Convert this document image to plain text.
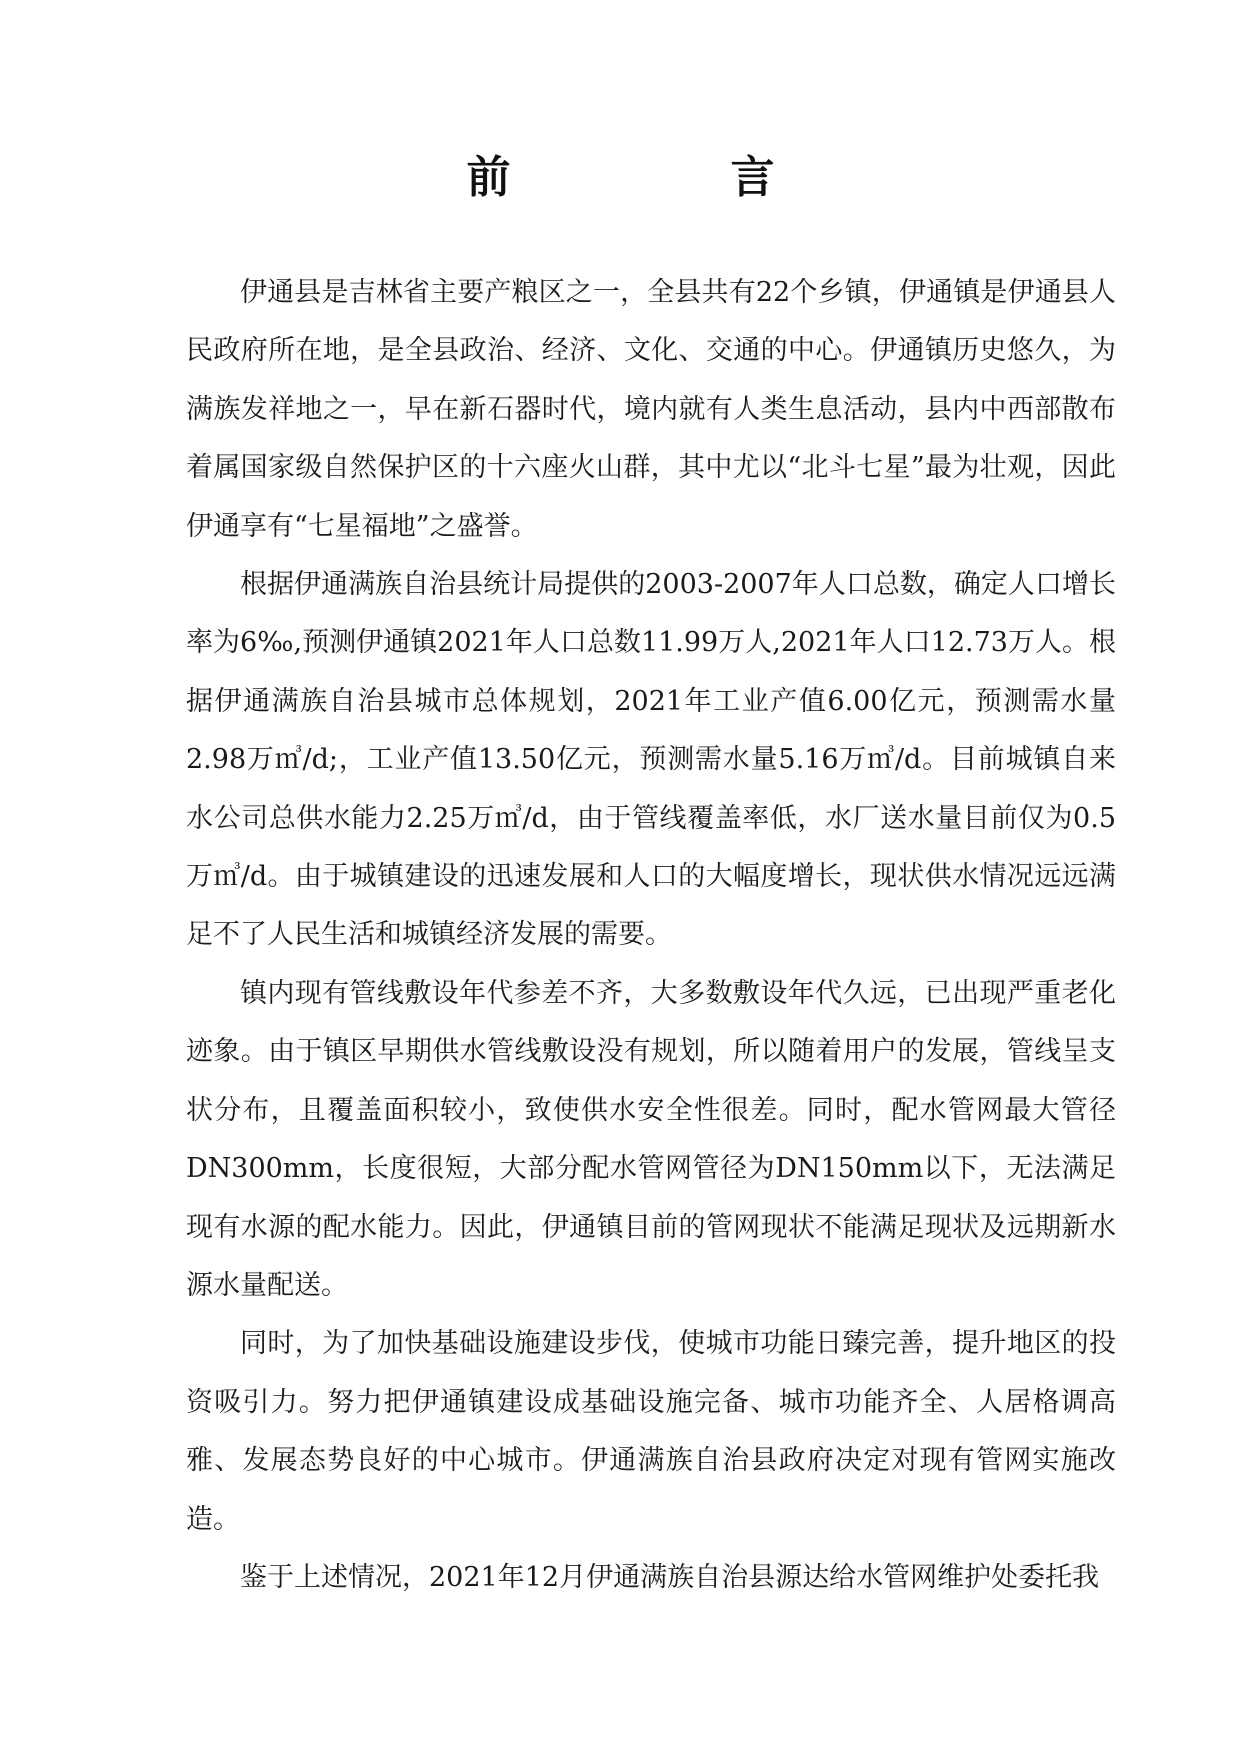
前　言

伊通县是吉林省主要产粮区之一，全县共有22个乡镇，伊通镇是伊通县人民政府所在地，是全县政治、经济、文化、交通的中心。伊通镇历史悠久，为满族发祥地之一，早在新石器时代，境内就有人类生息活动，县内中西部散布着属国家级自然保护区的十六座火山群，其中尤以“北斗七星”最为壮观，因此伊通享有“七星福地”之盛誉。

根据伊通满族自治县统计局提供的2003-2007年人口总数，确定人口增长率为6‰,预测伊通镇2021年人口总数11.99万人,2021年人口12.73万人。根据伊通满族自治县城市总体规划，2021年工业产值6.00亿元，预测需水量2.98万㎥/d;，工业产值13.50亿元，预测需水量5.16万㎥/d。目前城镇自来水公司总供水能力2.25万㎥/d，由于管线覆盖率低，水厂送水量目前仅为0.5万㎥/d。由于城镇建设的迅速发展和人口的大幅度增长，现状供水情况远远满足不了人民生活和城镇经济发展的需要。

镇内现有管线敷设年代参差不齐，大多数敷设年代久远，已出现严重老化迹象。由于镇区早期供水管线敷设没有规划，所以随着用户的发展，管线呈支状分布，且覆盖面积较小，致使供水安全性很差。同时，配水管网最大管径DN300mm，长度很短，大部分配水管网管径为DN150mm以下，无法满足现有水源的配水能力。因此，伊通镇目前的管网现状不能满足现状及远期新水源水量配送。

同时，为了加快基础设施建设步伐，使城市功能日臻完善，提升地区的投资吸引力。努力把伊通镇建设成基础设施完备、城市功能齐全、人居格调高雅、发展态势良好的中心城市。伊通满族自治县政府决定对现有管网实施改造。

鉴于上述情况，2021年12月伊通满族自治县源达给水管网维护处委托我
